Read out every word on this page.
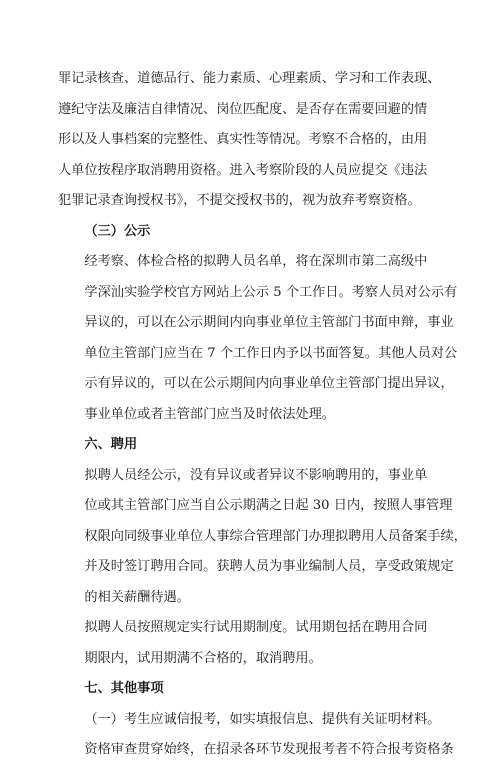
罪记录核查、道德品行、能力素质、心理素质、学习和工作表现、
遵纪守法及廉洁自律情况、岗位匹配度、是否存在需要回避的情
形以及人事档案的完整性、真实性等情况。考察不合格的，由用
人单位按程序取消聘用资格。进入考察阶段的人员应提交《违法
犯罪记录查询授权书》，不提交授权书的，视为放弃考察资格。

（三）公示

经考察、体检合格的拟聘人员名单，将在深圳市第二高级中
学深汕实验学校官方网站上公示 5 个工作日。考察人员对公示有
异议的，可以在公示期间内向事业单位主管部门书面申辩，事业
单位主管部门应当在 7 个工作日内予以书面答复。其他人员对公
示有异议的，可以在公示期间内向事业单位主管部门提出异议，
事业单位或者主管部门应当及时依法处理。

六、聘用

拟聘人员经公示，没有异议或者异议不影响聘用的，事业单
位或其主管部门应当自公示期满之日起 30 日内，按照人事管理
权限向同级事业单位人事综合管理部门办理拟聘用人员备案手续，
并及时签订聘用合同。获聘人员为事业编制人员，享受政策规定
的相关薪酬待遇。

拟聘人员按照规定实行试用期制度。试用期包括在聘用合同
期限内，试用期满不合格的，取消聘用。

七、其他事项

（一）考生应诚信报考，如实填报信息、提供有关证明材料。
资格审查贯穿始终，在招录各环节发现报考者不符合报考资格条
